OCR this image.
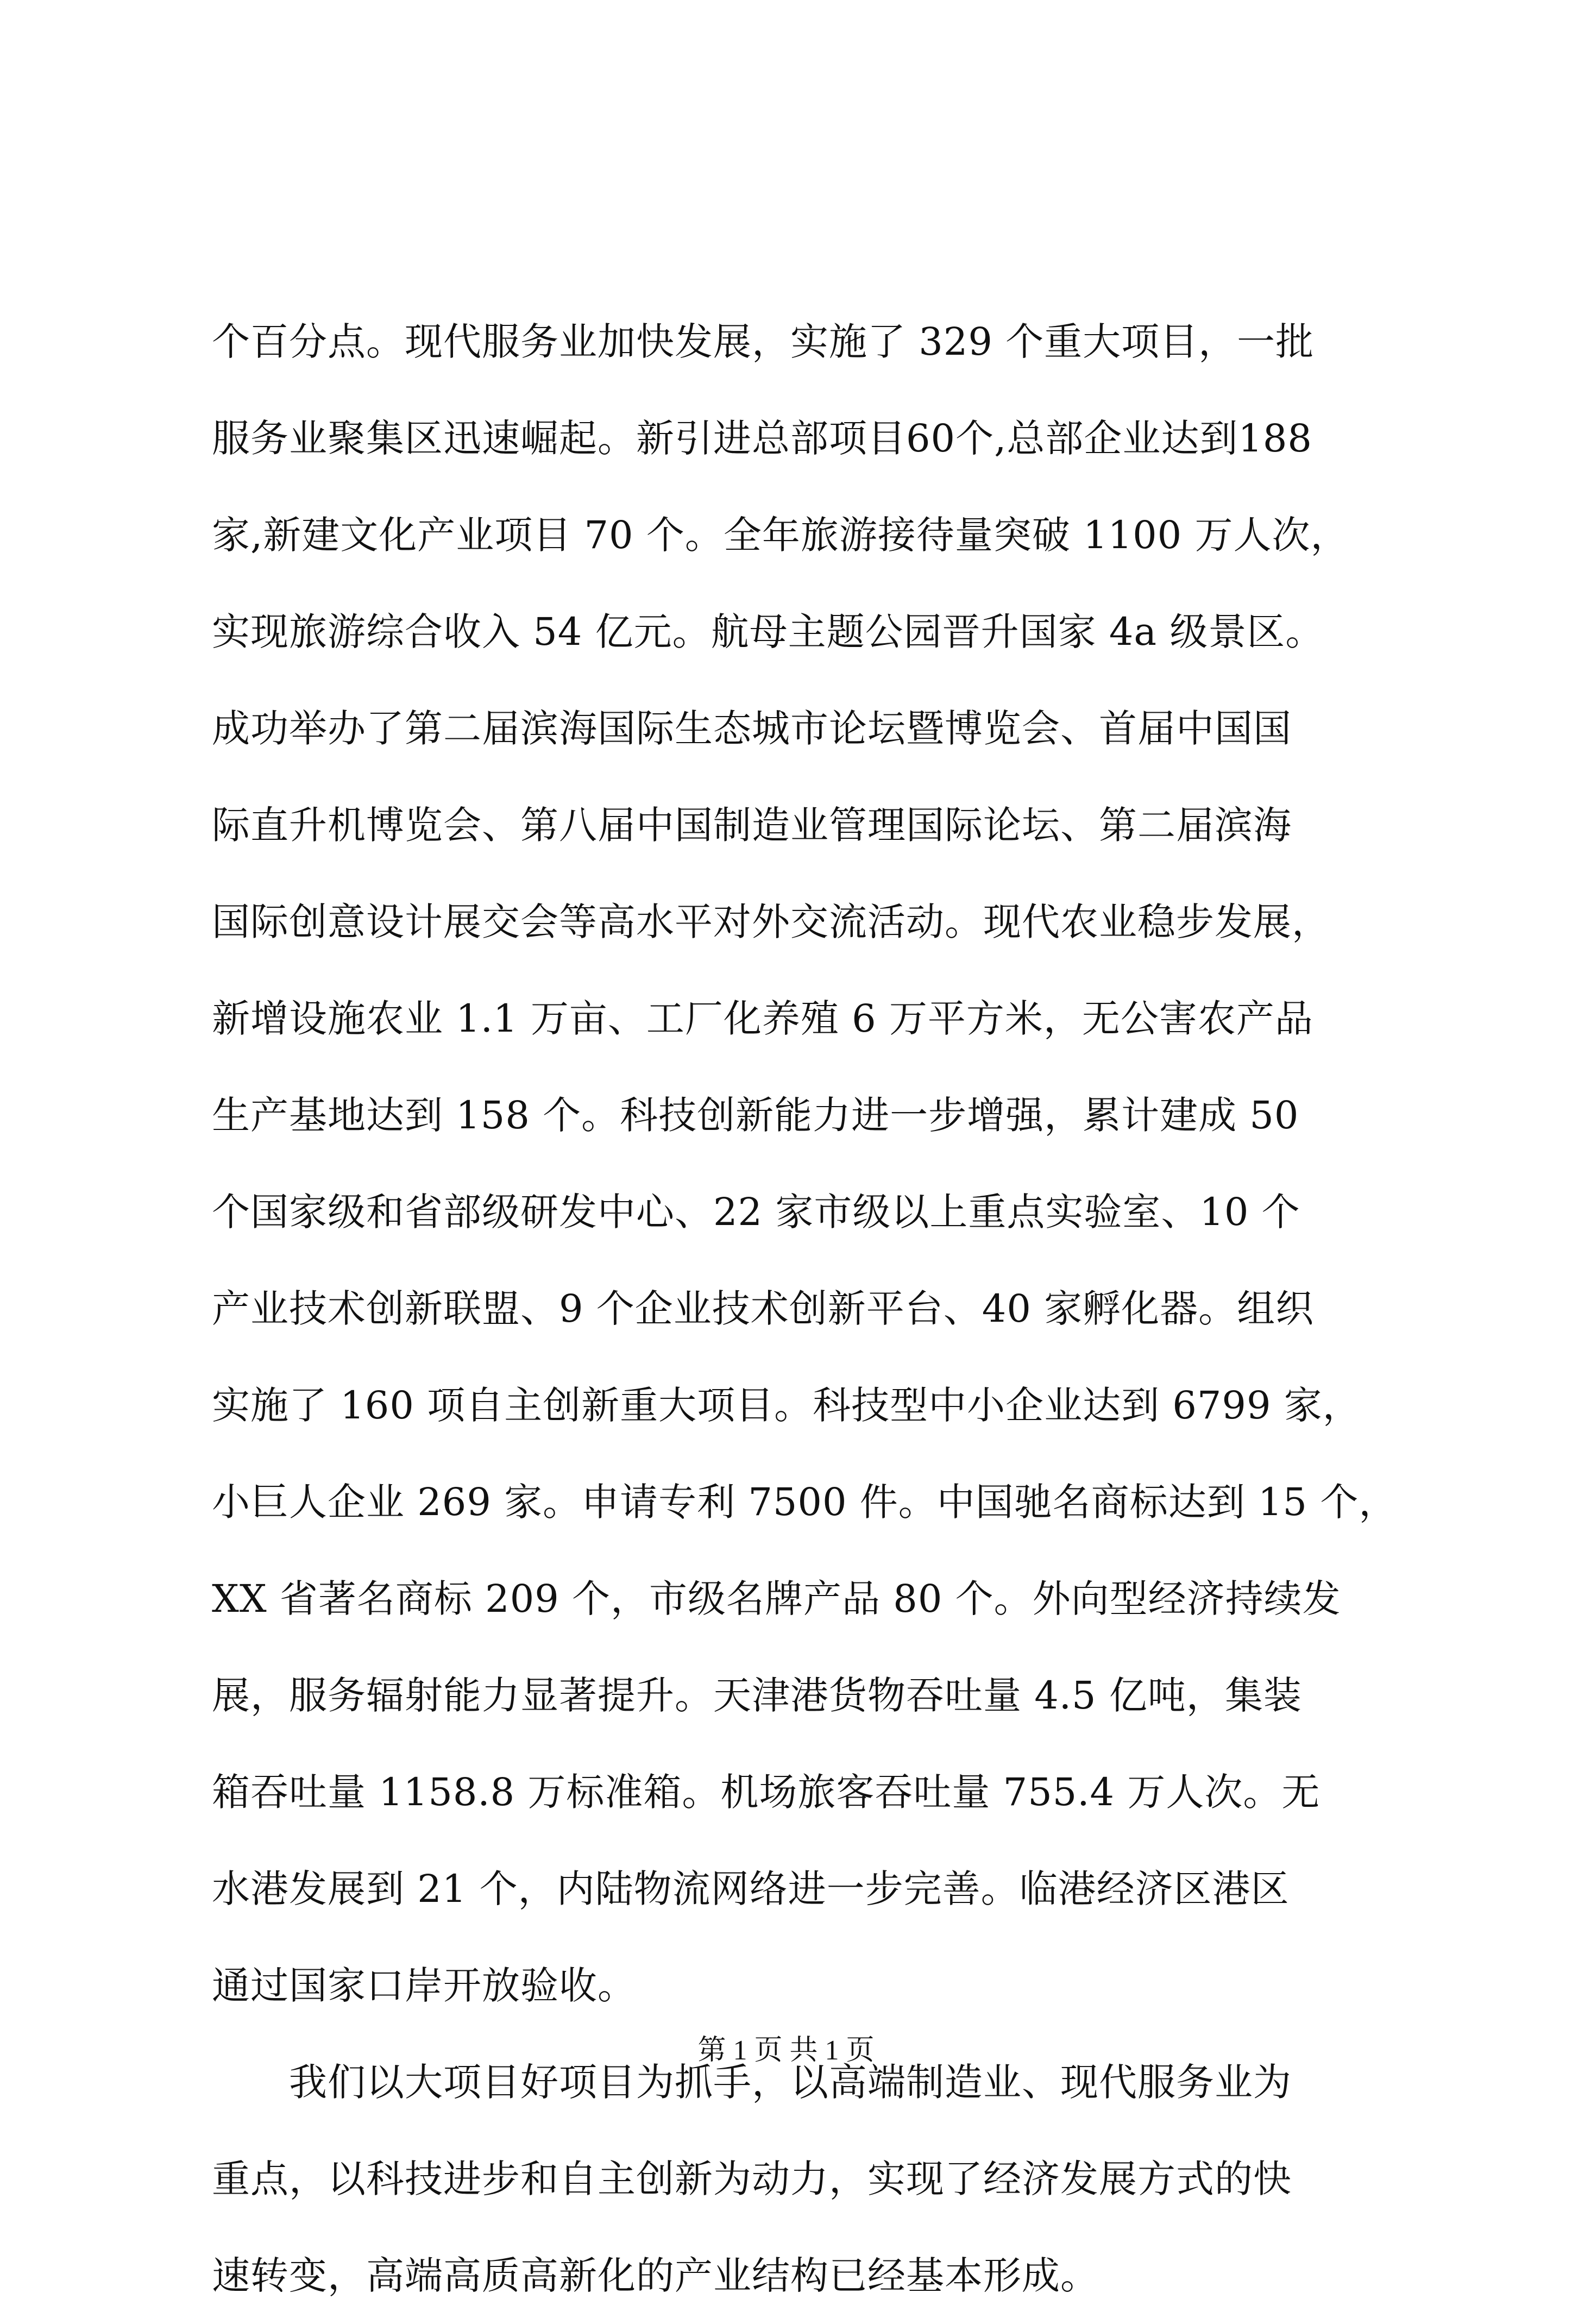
个百分点。现代服务业加快发展，实施了 329 个重大项目，一批
服务业聚集区迅速崛起。新引进总部项目60个,总部企业达到188
家,新建文化产业项目 70 个。全年旅游接待量突破 1100 万人次，
实现旅游综合收入 54 亿元。航母主题公园晋升国家 4a 级景区。
成功举办了第二届滨海国际生态城市论坛暨博览会、首届中国国
际直升机博览会、第八届中国制造业管理国际论坛、第二届滨海
国际创意设计展交会等高水平对外交流活动。现代农业稳步发展，
新增设施农业 1.1 万亩、工厂化养殖 6 万平方米，无公害农产品
生产基地达到 158 个。科技创新能力进一步增强，累计建成 50
个国家级和省部级研发中心、22 家市级以上重点实验室、10 个
产业技术创新联盟、9 个企业技术创新平台、40 家孵化器。组织
实施了 160 项自主创新重大项目。科技型中小企业达到 6799 家，
小巨人企业 269 家。申请专利 7500 件。中国驰名商标达到 15 个，
XX 省著名商标 209 个，市级名牌产品 80 个。外向型经济持续发
展，服务辐射能力显著提升。天津港货物吞吐量 4.5 亿吨，集装
箱吞吐量 1158.8 万标准箱。机场旅客吞吐量 755.4 万人次。无
水港发展到 21 个，内陆物流网络进一步完善。临港经济区港区
通过国家口岸开放验收。
　　我们以大项目好项目为抓手，以高端制造业、现代服务业为
重点，以科技进步和自主创新为动力，实现了经济发展方式的快
速转变，高端高质高新化的产业结构已经基本形成。
第 1 页 共 1 页
